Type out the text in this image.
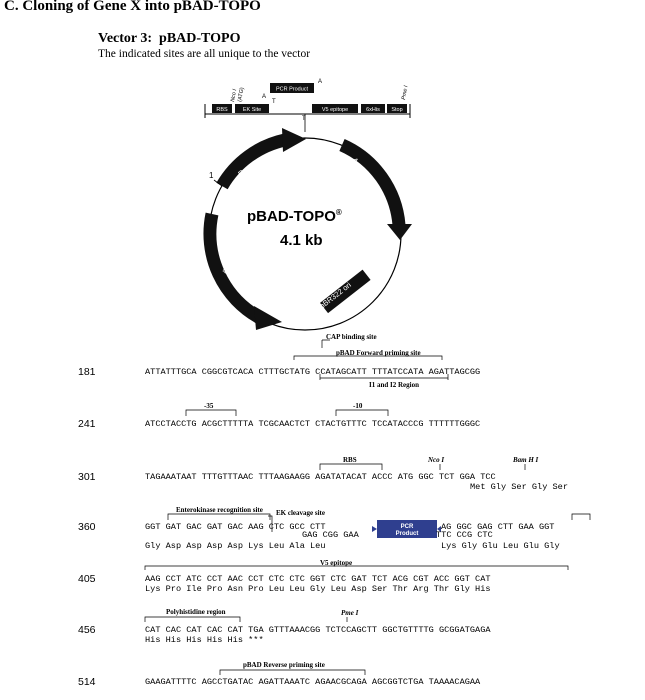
C. Cloning of Gene X into pBAD-TOPO
Vector 3:  pBAD-TOPO
The indicated sites are all unique to the vector
RBS	EK Site	V5 epitope	6xHis Stop
PCR Product
A
T
A
T
Nco I
(ATG)	Pme I
$P_{BAD}$	Ampicillin
araC
pBR322 ori
1
pBAD-TOPO®
4.1 kb
PCR
Product
CAP binding site
pBAD Forward priming site
I1 and I2 Region
-35	-10
RBS	Nco I	Bam H I
Enterokinase recognition site EK cleavage site
V5 epitope
Polyhistidine region	Pme I
pBAD Reverse priming site
181	ATTATTTGCA CGGCGTCACA CTTTGCTATG CCATAGCATT TTTATCCATA AGATTAGCGG
241	ATCCTACCTG ACGCTTTTTA TCGCAACTCT CTACTGTTTC TCCATACCCG TTTTTTGGGC
301	TAGAAATAAT TTTGTTTAAC TTTAAGAAGG AGATATACAT ACCC ATG GGC TCT GGA TCC
Met Gly Ser Gly Ser
360	GGT GAT GAC GAT GAC AAG CTC GCC CTT
GAG CGG GAA
AG GGC GAG CTT GAA GGT
TTC CCG CTC
Gly Asp Asp Asp Asp Lys Leu Ala Leu	Lys Gly Glu Leu Glu Gly
405	AAG CCT ATC CCT AAC CCT CTC CTC GGT CTC GAT TCT ACG CGT ACC GGT CAT
Lys Pro Ile Pro Asn Pro Leu Leu Gly Leu Asp Ser Thr Arg Thr Gly His
456	CAT CAC CAT CAC CAT TGA GTTTAAACGG TCTCCAGCTT GGCTGTTTTG GCGGATGAGA
His His His His His ***
514	GAAGATTTTC AGCCTGATAC AGATTAAATC AGAACGCAGA AGCGGTCTGA TAAAACAGAA
